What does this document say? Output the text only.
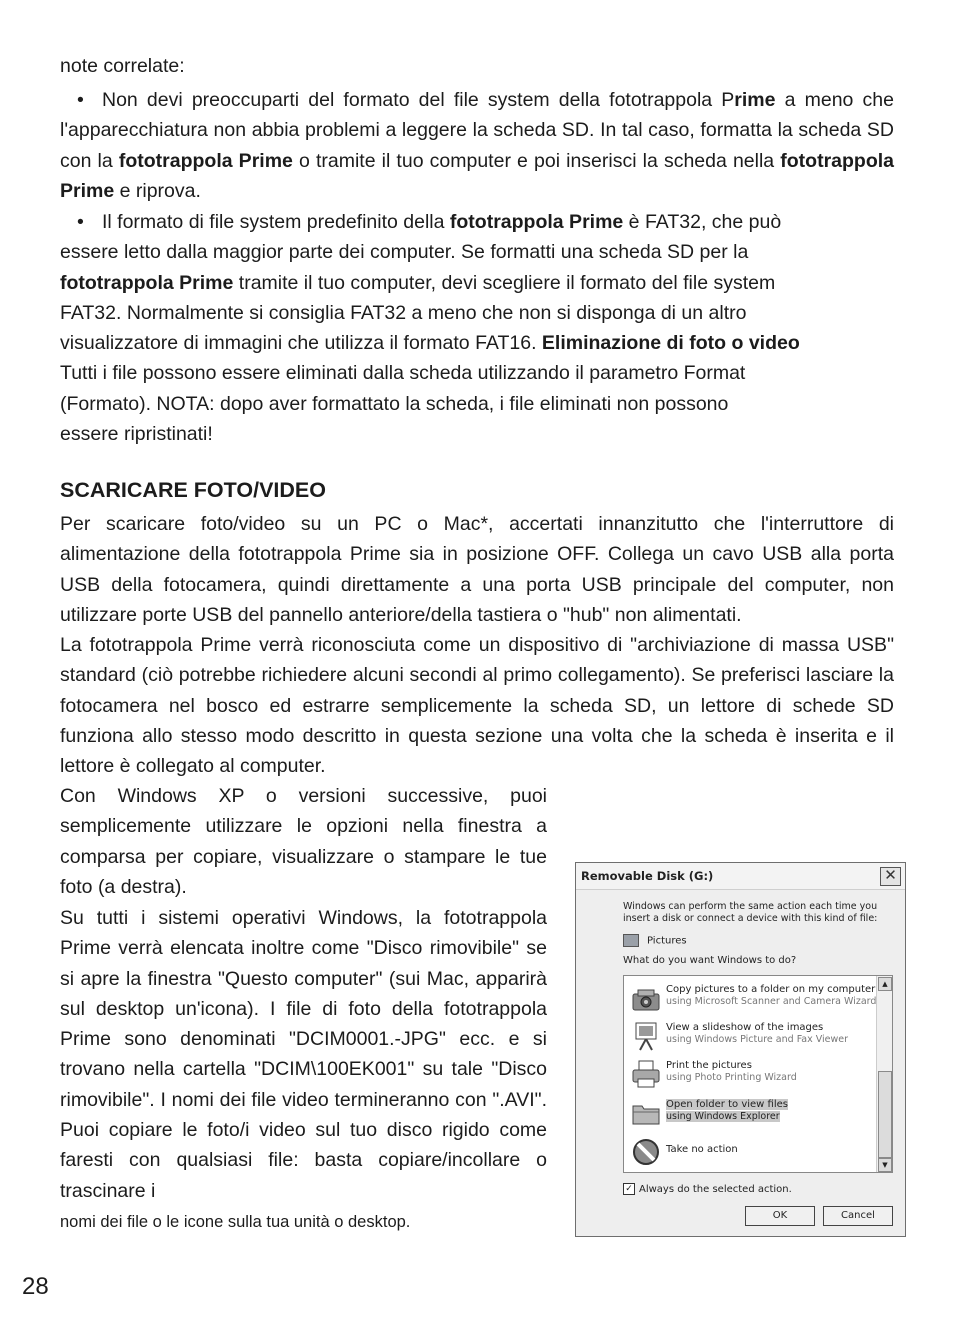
note correlate:

• Non devi preoccuparti del formato del file system della fototrappola Prime a meno che l'apparecchiatura non abbia problemi a leggere la scheda SD. In tal caso, formatta la scheda SD con la fototrappola Prime o tramite il tuo computer e poi inserisci la scheda nella fototrappola Prime e riprova.

• Il formato di file system predefinito della fototrappola Prime è FAT32, che può
essere letto dalla maggior parte dei computer. Se formatti una scheda SD per la
fototrappola Prime tramite il tuo computer, devi scegliere il formato del file system
FAT32. Normalmente si consiglia FAT32 a meno che non si disponga di un altro
visualizzatore di immagini che utilizza il formato FAT16. Eliminazione di foto o video
Tutti i file possono essere eliminati dalla scheda utilizzando il parametro Format
(Formato). NOTA: dopo aver formattato la scheda, i file eliminati non possono
essere ripristinati!
SCARICARE FOTO/VIDEO

Per scaricare foto/video su un PC o Mac*, accertati innanzitutto che l'interruttore di alimentazione della fototrappola Prime sia in posizione OFF. Collega un cavo USB alla porta USB della fotocamera, quindi direttamente a una porta USB principale del computer, non utilizzare porte USB del pannello anteriore/della tastiera o "hub" non alimentati.

La fototrappola Prime verrà riconosciuta come un dispositivo di "archiviazione di massa USB" standard (ciò potrebbe richiedere alcuni secondi al primo collegamento). Se preferisci lasciare la fotocamera nel bosco ed estrarre semplicemente la scheda SD, un lettore di schede SD funziona allo stesso modo descritto in questa sezione una volta che la scheda è inserita e il lettore è collegato al computer.

Con Windows XP o versioni successive, puoi semplicemente utilizzare le opzioni nella finestra a comparsa per copiare, visualizzare o stampare le tue foto (a destra).

Su tutti i sistemi operativi Windows, la fototrappola Prime verrà elencata inoltre come "Disco rimovibile" se si apre la finestra "Questo computer" (sui Mac, apparirà sul desktop un'icona). I file di foto della fototrappola Prime sono denominati "DCIM0001.-JPG" ecc. e si trovano nella cartella "DCIM\100EK001" su tale "Disco rimovibile". I nomi dei file video termineranno con ".AVI". Puoi copiare le foto/i video sul tuo disco rigido come faresti con qualsiasi file: basta copiare/incollare o trascinare i
nomi dei file o le icone sulla tua unità o desktop.

28
Removable Disk (G:)	✕
Windows can perform the same action each time you insert a disk or connect a device with this kind of file:
Pictures
What do you want Windows to do?
Copy pictures to a folder on my computer
using Microsoft Scanner and Camera Wizard
View a slideshow of the images
using Windows Picture and Fax Viewer
Print the pictures
using Photo Printing Wizard
Open folder to view files
using Windows Explorer
Take no action
▲
▼
✓ Always do the selected action.
OK	Cancel
